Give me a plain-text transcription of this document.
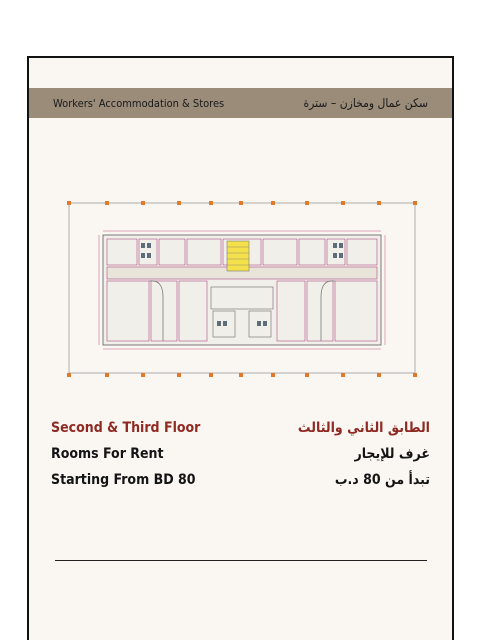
Workers' Accommodation & Stores	سكن عمال ومخازن – سترة
Second & Third Floor	الطابق الثاني والثالث
Rooms For Rent	غرف للإيجار
Starting From BD 80	تبدأ من 80 د.ب
